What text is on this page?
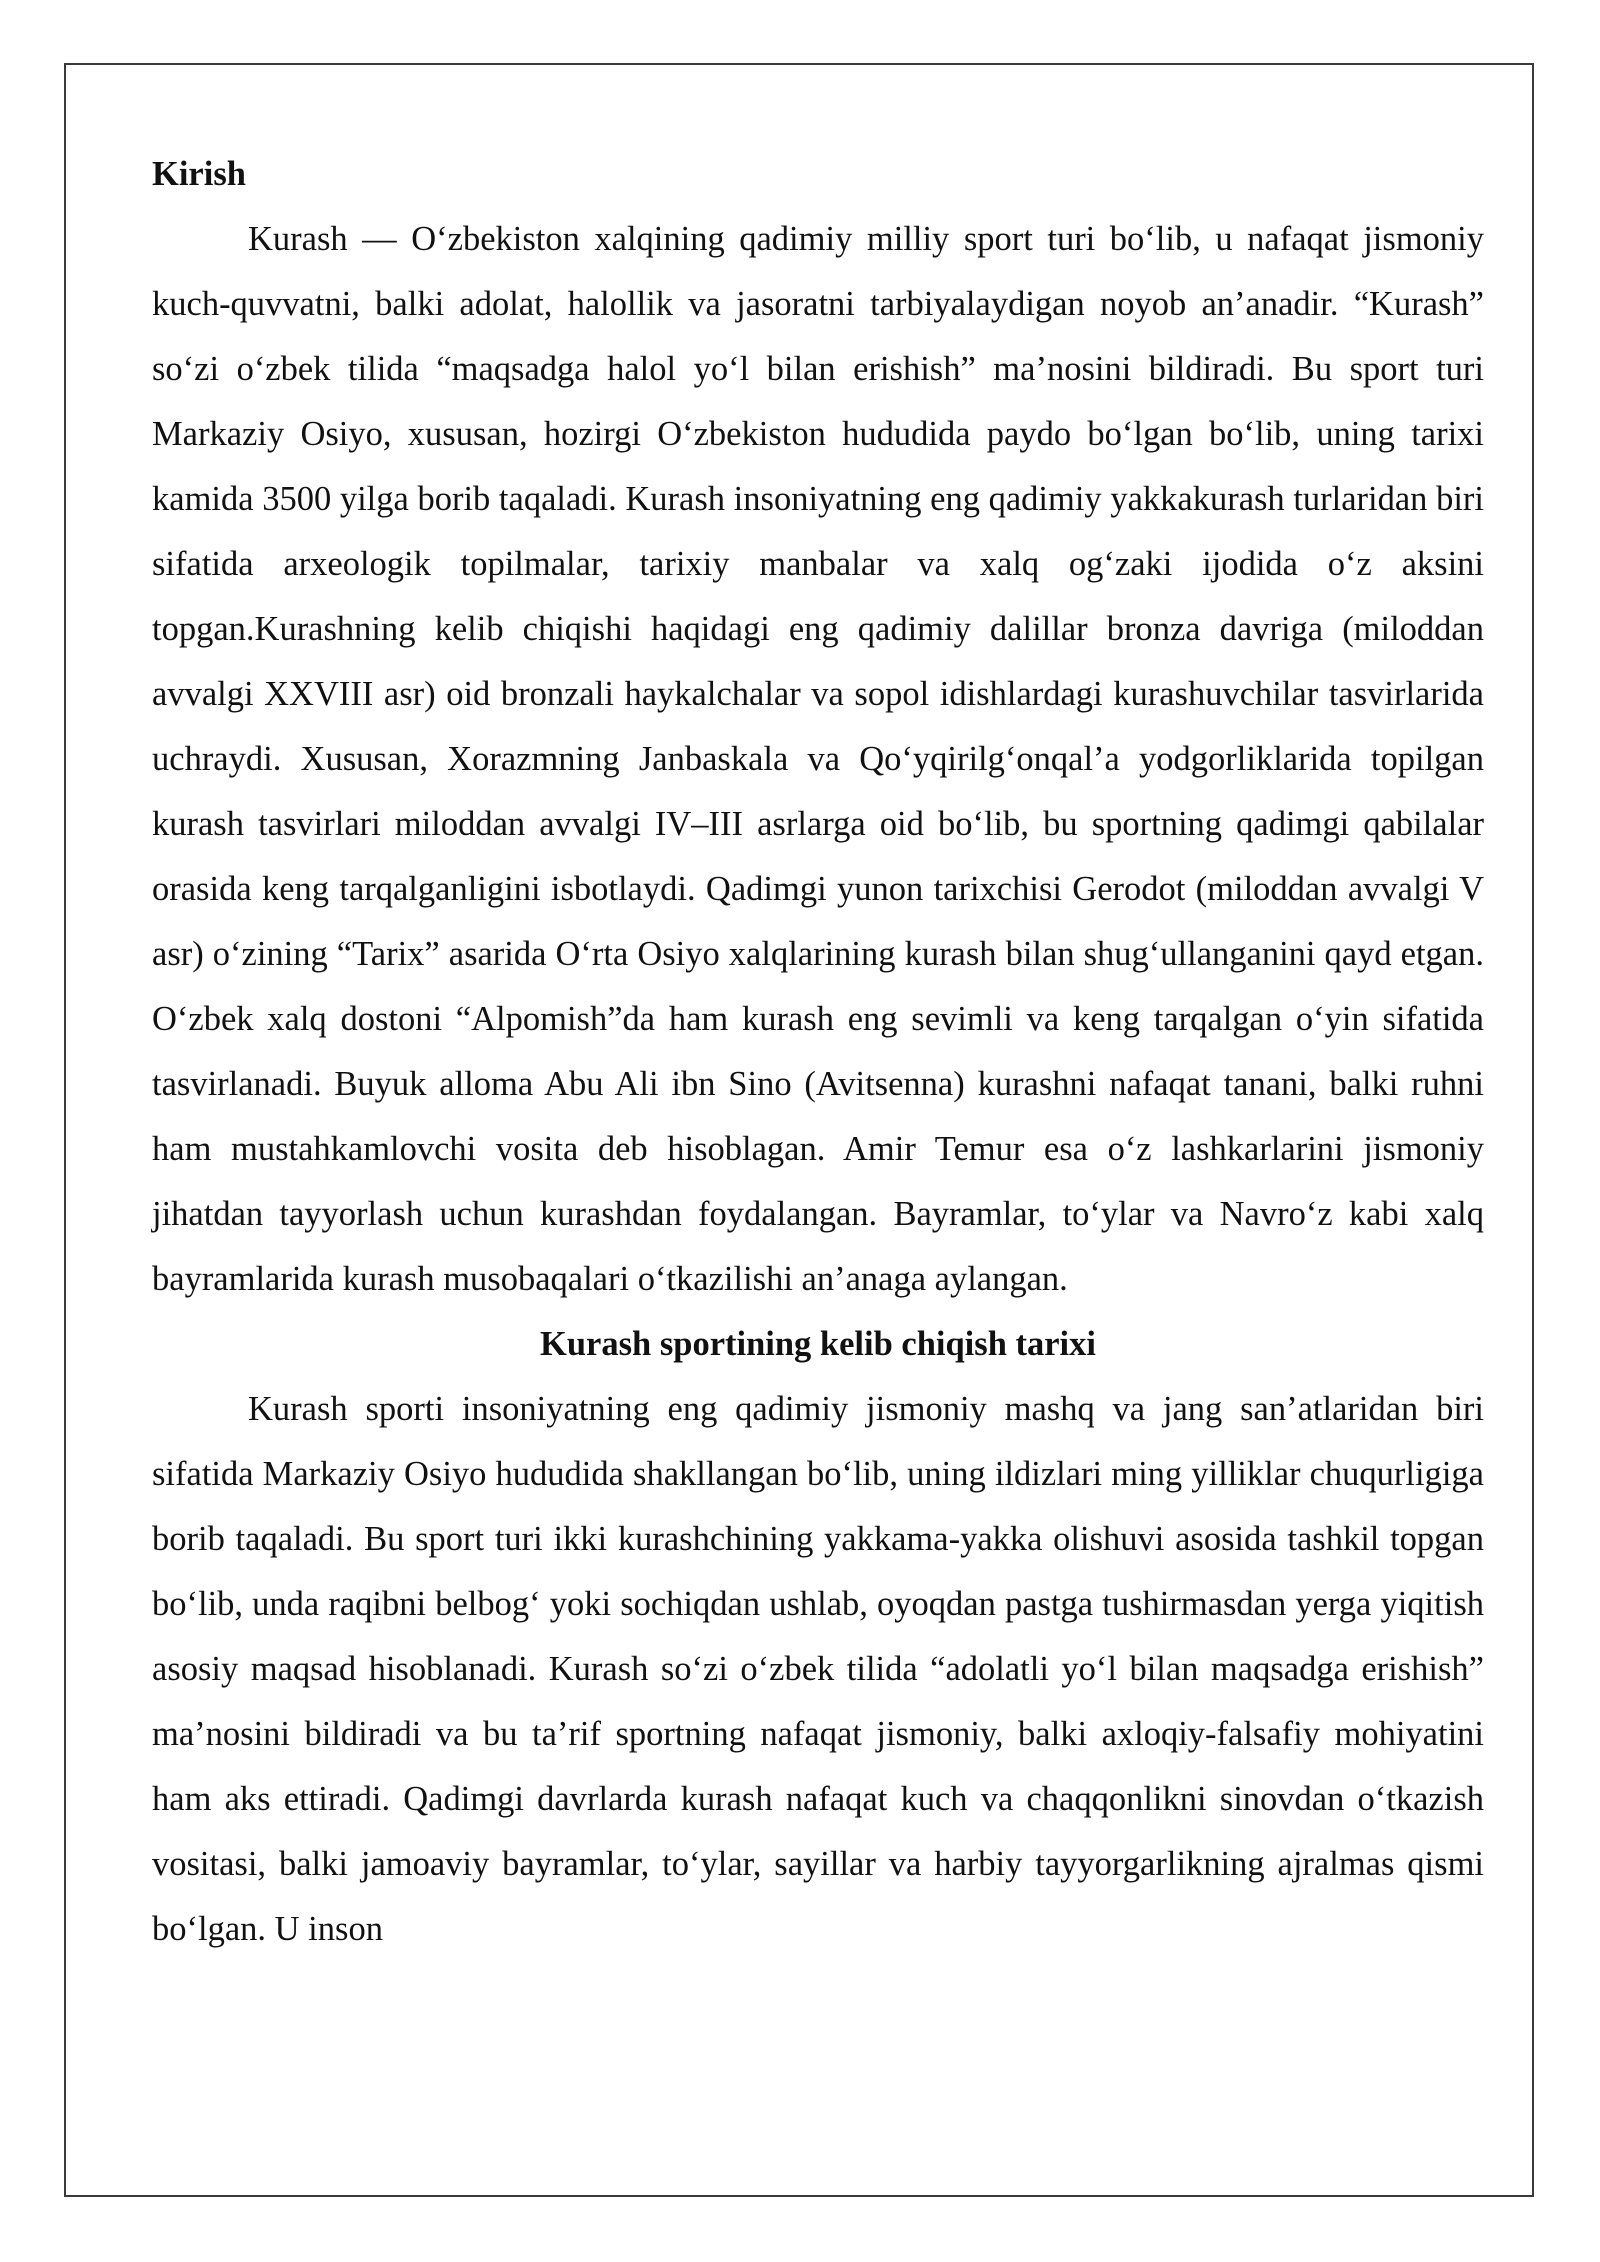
Kirish

Kurash — O‘zbekiston xalqining qadimiy milliy sport turi bo‘lib, u nafaqat jismoniy kuch-quvvatni, balki adolat, halollik va jasoratni tarbiyalaydigan noyob an’anadir. “Kurash” so‘zi o‘zbek tilida “maqsadga halol yo‘l bilan erishish” ma’nosini bildiradi. Bu sport turi Markaziy Osiyo, xususan, hozirgi O‘zbekiston hududida paydo bo‘lgan bo‘lib, uning tarixi kamida 3500 yilga borib taqaladi. Kurash insoniyatning eng qadimiy yakkakurash turlaridan biri sifatida arxeologik topilmalar, tarixiy manbalar va xalq og‘zaki ijodida o‘z aksini topgan.Kurashning kelib chiqishi haqidagi eng qadimiy dalillar bronza davriga (miloddan avvalgi XXVIII asr) oid bronzali haykalchalar va sopol idishlardagi kurashuvchilar tasvirlarida uchraydi. Xususan, Xorazmning Janbaskala va Qo‘yqirilg‘onqal’a yodgorliklarida topilgan kurash tasvirlari miloddan avvalgi IV–III asrlarga oid bo‘lib, bu sportning qadimgi qabilalar orasida keng tarqalganligini isbotlaydi. Qadimgi yunon tarixchisi Gerodot (miloddan avvalgi V asr) o‘zining “Tarix” asarida O‘rta Osiyo xalqlarining kurash bilan shug‘ullanganini qayd etgan. O‘zbek xalq dostoni “Alpomish”da ham kurash eng sevimli va keng tarqalgan o‘yin sifatida tasvirlanadi. Buyuk alloma Abu Ali ibn Sino (Avitsenna) kurashni nafaqat tanani, balki ruhni ham mustahkamlovchi vosita deb hisoblagan. Amir Temur esa o‘z lashkarlarini jismoniy jihatdan tayyorlash uchun kurashdan foydalangan. Bayramlar, to‘ylar va Navro‘z kabi xalq bayramlarida kurash musobaqalari o‘tkazilishi an’anaga aylangan.

Kurash sportining kelib chiqish tarixi

Kurash sporti insoniyatning eng qadimiy jismoniy mashq va jang san’atlaridan biri sifatida Markaziy Osiyo hududida shakllangan bo‘lib, uning ildizlari ming yilliklar chuqurligiga borib taqaladi. Bu sport turi ikki kurashchining yakkama-yakka olishuvi asosida tashkil topgan bo‘lib, unda raqibni belbog‘ yoki sochiqdan ushlab, oyoqdan pastga tushirmasdan yerga yiqitish asosiy maqsad hisoblanadi. Kurash so‘zi o‘zbek tilida “adolatli yo‘l bilan maqsadga erishish” ma’nosini bildiradi va bu ta’rif sportning nafaqat jismoniy, balki axloqiy-falsafiy mohiyatini ham aks ettiradi. Qadimgi davrlarda kurash nafaqat kuch va chaqqonlikni sinovdan o‘tkazish vositasi, balki jamoaviy bayramlar, to‘ylar, sayillar va harbiy tayyorgarlikning ajralmas qismi bo‘lgan. U inson
